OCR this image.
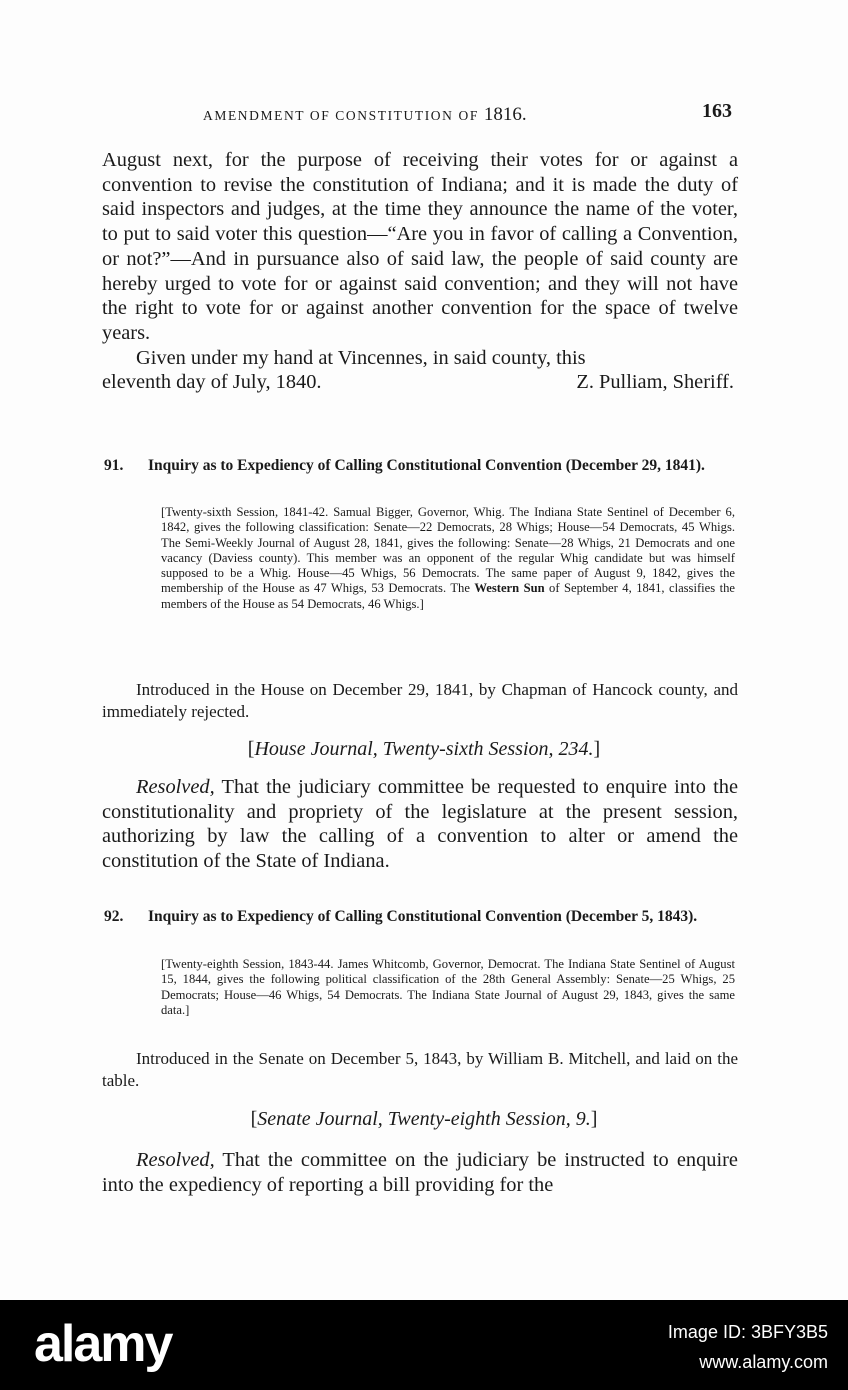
AMENDMENT OF CONSTITUTION OF 1816.	163

August next, for the purpose of receiving their votes for or against a convention to revise the constitution of Indiana; and it is made the duty of said inspectors and judges, at the time they announce the name of the voter, to put to said voter this question—“Are you in favor of calling a Convention, or not?”—And in pursuance also of said law, the people of said county are hereby urged to vote for or against said convention; and they will not have the right to vote for or against another convention for the space of twelve years.

Given under my hand at Vincennes, in said county, this

eleventh day of July, 1840.	Z. Pulliam, Sheriff.
91. Inquiry as to Expediency of Calling Constitutional Convention (December 29, 1841).
[Twenty-sixth Session, 1841-42. Samual Bigger, Governor, Whig. The Indiana State Sentinel of December 6, 1842, gives the following classification: Senate—22 Democrats, 28 Whigs; House—54 Democrats, 45 Whigs. The Semi-Weekly Journal of August 28, 1841, gives the following: Senate—28 Whigs, 21 Democrats and one vacancy (Daviess county). This member was an opponent of the regular Whig candidate but was himself supposed to be a Whig. House—45 Whigs, 56 Democrats. The same paper of August 9, 1842, gives the membership of the House as 47 Whigs, 53 Democrats. The Western Sun of September 4, 1841, classifies the members of the House as 54 Democrats, 46 Whigs.]
Introduced in the House on December 29, 1841, by Chapman of Hancock county, and immediately rejected.
[House Journal, Twenty-sixth Session, 234.]
Resolved, That the judiciary committee be requested to enquire into the constitutionality and propriety of the legislature at the present session, authorizing by law the calling of a convention to alter or amend the constitution of the State of Indiana.
92. Inquiry as to Expediency of Calling Constitutional Convention (December 5, 1843).
[Twenty-eighth Session, 1843-44. James Whitcomb, Governor, Democrat. The Indiana State Sentinel of August 15, 1844, gives the following political classification of the 28th General Assembly: Senate—25 Whigs, 25 Democrats; House—46 Whigs, 54 Democrats. The Indiana State Journal of August 29, 1843, gives the same data.]
Introduced in the Senate on December 5, 1843, by William B. Mitchell, and laid on the table.
[Senate Journal, Twenty-eighth Session, 9.]
Resolved, That the committee on the judiciary be instructed to enquire into the expediency of reporting a bill providing for the
alamy	Image ID: 3BFY3B5
www.alamy.com
